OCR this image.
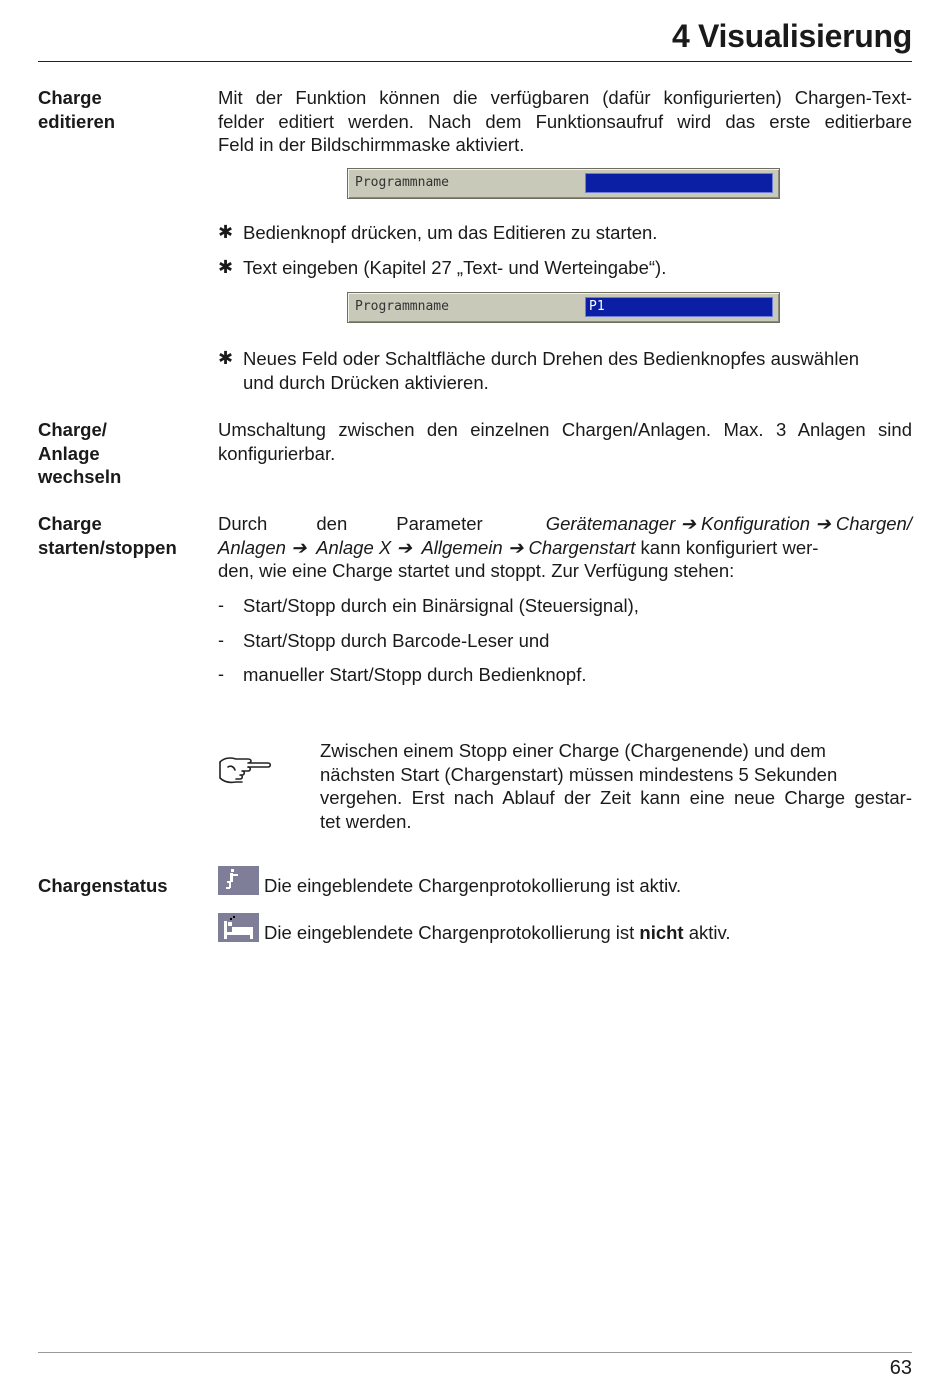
4 Visualisierung
Charge
editieren
Mit der Funktion können die verfügbaren (dafür konfigurierten) Chargen-Text-
felder editiert werden. Nach dem Funktionsaufruf wird das erste editierbare
Feld in der Bildschirmmaske aktiviert.
Programmname
✱ Bedienknopf drücken, um das Editieren zu starten.
✱ Text eingeben (Kapitel 27 „Text- und Werteingabe“).
Programmname	P1
✱ Neues Feld oder Schaltfläche durch Drehen des Bedienknopfes auswählen
und durch Drücken aktivieren.
Charge/
Anlage
wechseln
Umschaltung zwischen den einzelnen Chargen/Anlagen. Max. 3 Anlagen sind
konfigurierbar.
Charge
starten/stoppen
Durch	den	Parameter	Gerätemanager ➔ Konfiguration ➔ Chargen/
Anlagen ➔  Anlage X ➔  Allgemein ➔ Chargenstart kann konfiguriert wer-
den, wie eine Charge startet und stoppt. Zur Verfügung stehen:
- Start/Stopp durch ein Binärsignal (Steuersignal),
- Start/Stopp durch Barcode-Leser und
- manueller Start/Stopp durch Bedienknopf.
Zwischen einem Stopp einer Charge (Chargenende) und dem
nächsten Start (Chargenstart) müssen mindestens 5 Sekunden
vergehen. Erst nach Ablauf der Zeit kann eine neue Charge gestar-
tet werden.
Chargenstatus	Die eingeblendete Chargenprotokollierung ist aktiv.
Die eingeblendete Chargenprotokollierung ist nicht aktiv.
63
